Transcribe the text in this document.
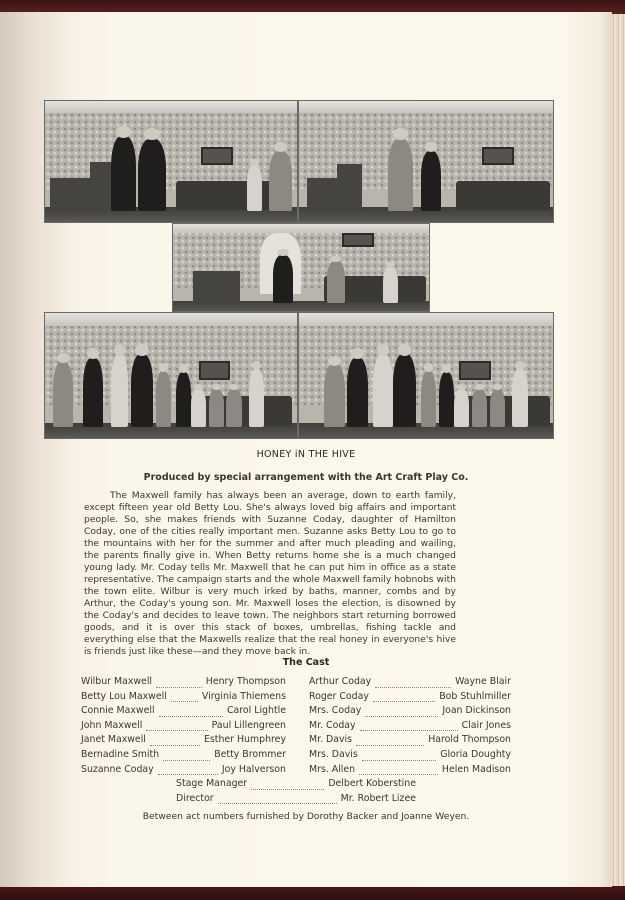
HONEY iN THE HIVE
Produced by special arrangement with the Art Craft Play Co.
The Maxwell family has always been an average, down to earth family, except fifteen year old Betty Lou. She's always loved big affairs and important people. So, she makes friends with Suzanne Coday, daughter of Hamilton Coday, one of the cities really important men. Suzanne asks Betty Lou to go to the mountains with her for the summer and after much pleading and wailing, the parents finally give in. When Betty returns home she is a much changed young lady. Mr. Coday tells Mr. Maxwell that he can put him in office as a state representative. The campaign starts and the whole Maxwell family hobnobs with the town elite. Wilbur is very much irked by baths, manner, combs and by Arthur, the Coday's young son. Mr. Maxwell loses the election, is disowned by the Coday's and decides to leave town. The neighbors start returning borrowed goods, and it is over this stack of boxes, umbrellas, fishing tackle and everything else that the Maxwells realize that the real honey in everyone's hive is friends just like these—and they move back in.
The Cast
Wilbur Maxwell	Henry Thompson
Betty Lou Maxwell	Virginia Thiemens
Connie Maxwell	Carol Lightle
John Maxwell	Paul Lillengreen
Janet Maxwell	Esther Humphrey
Bernadine Smith	Betty Brommer
Suzanne Coday	Joy Halverson
Arthur Coday	Wayne Blair
Roger Coday	Bob Stuhlmiller
Mrs. Coday	Joan Dickinson
Mr. Coday	Clair Jones
Mr. Davis	Harold Thompson
Mrs. Davis	Gloria Doughty
Mrs. Allen	Helen Madison
Stage Manager	Delbert Koberstine
Director	Mr. Robert Lizee
Between act numbers furnished by Dorothy Backer and Joanne Weyen.
